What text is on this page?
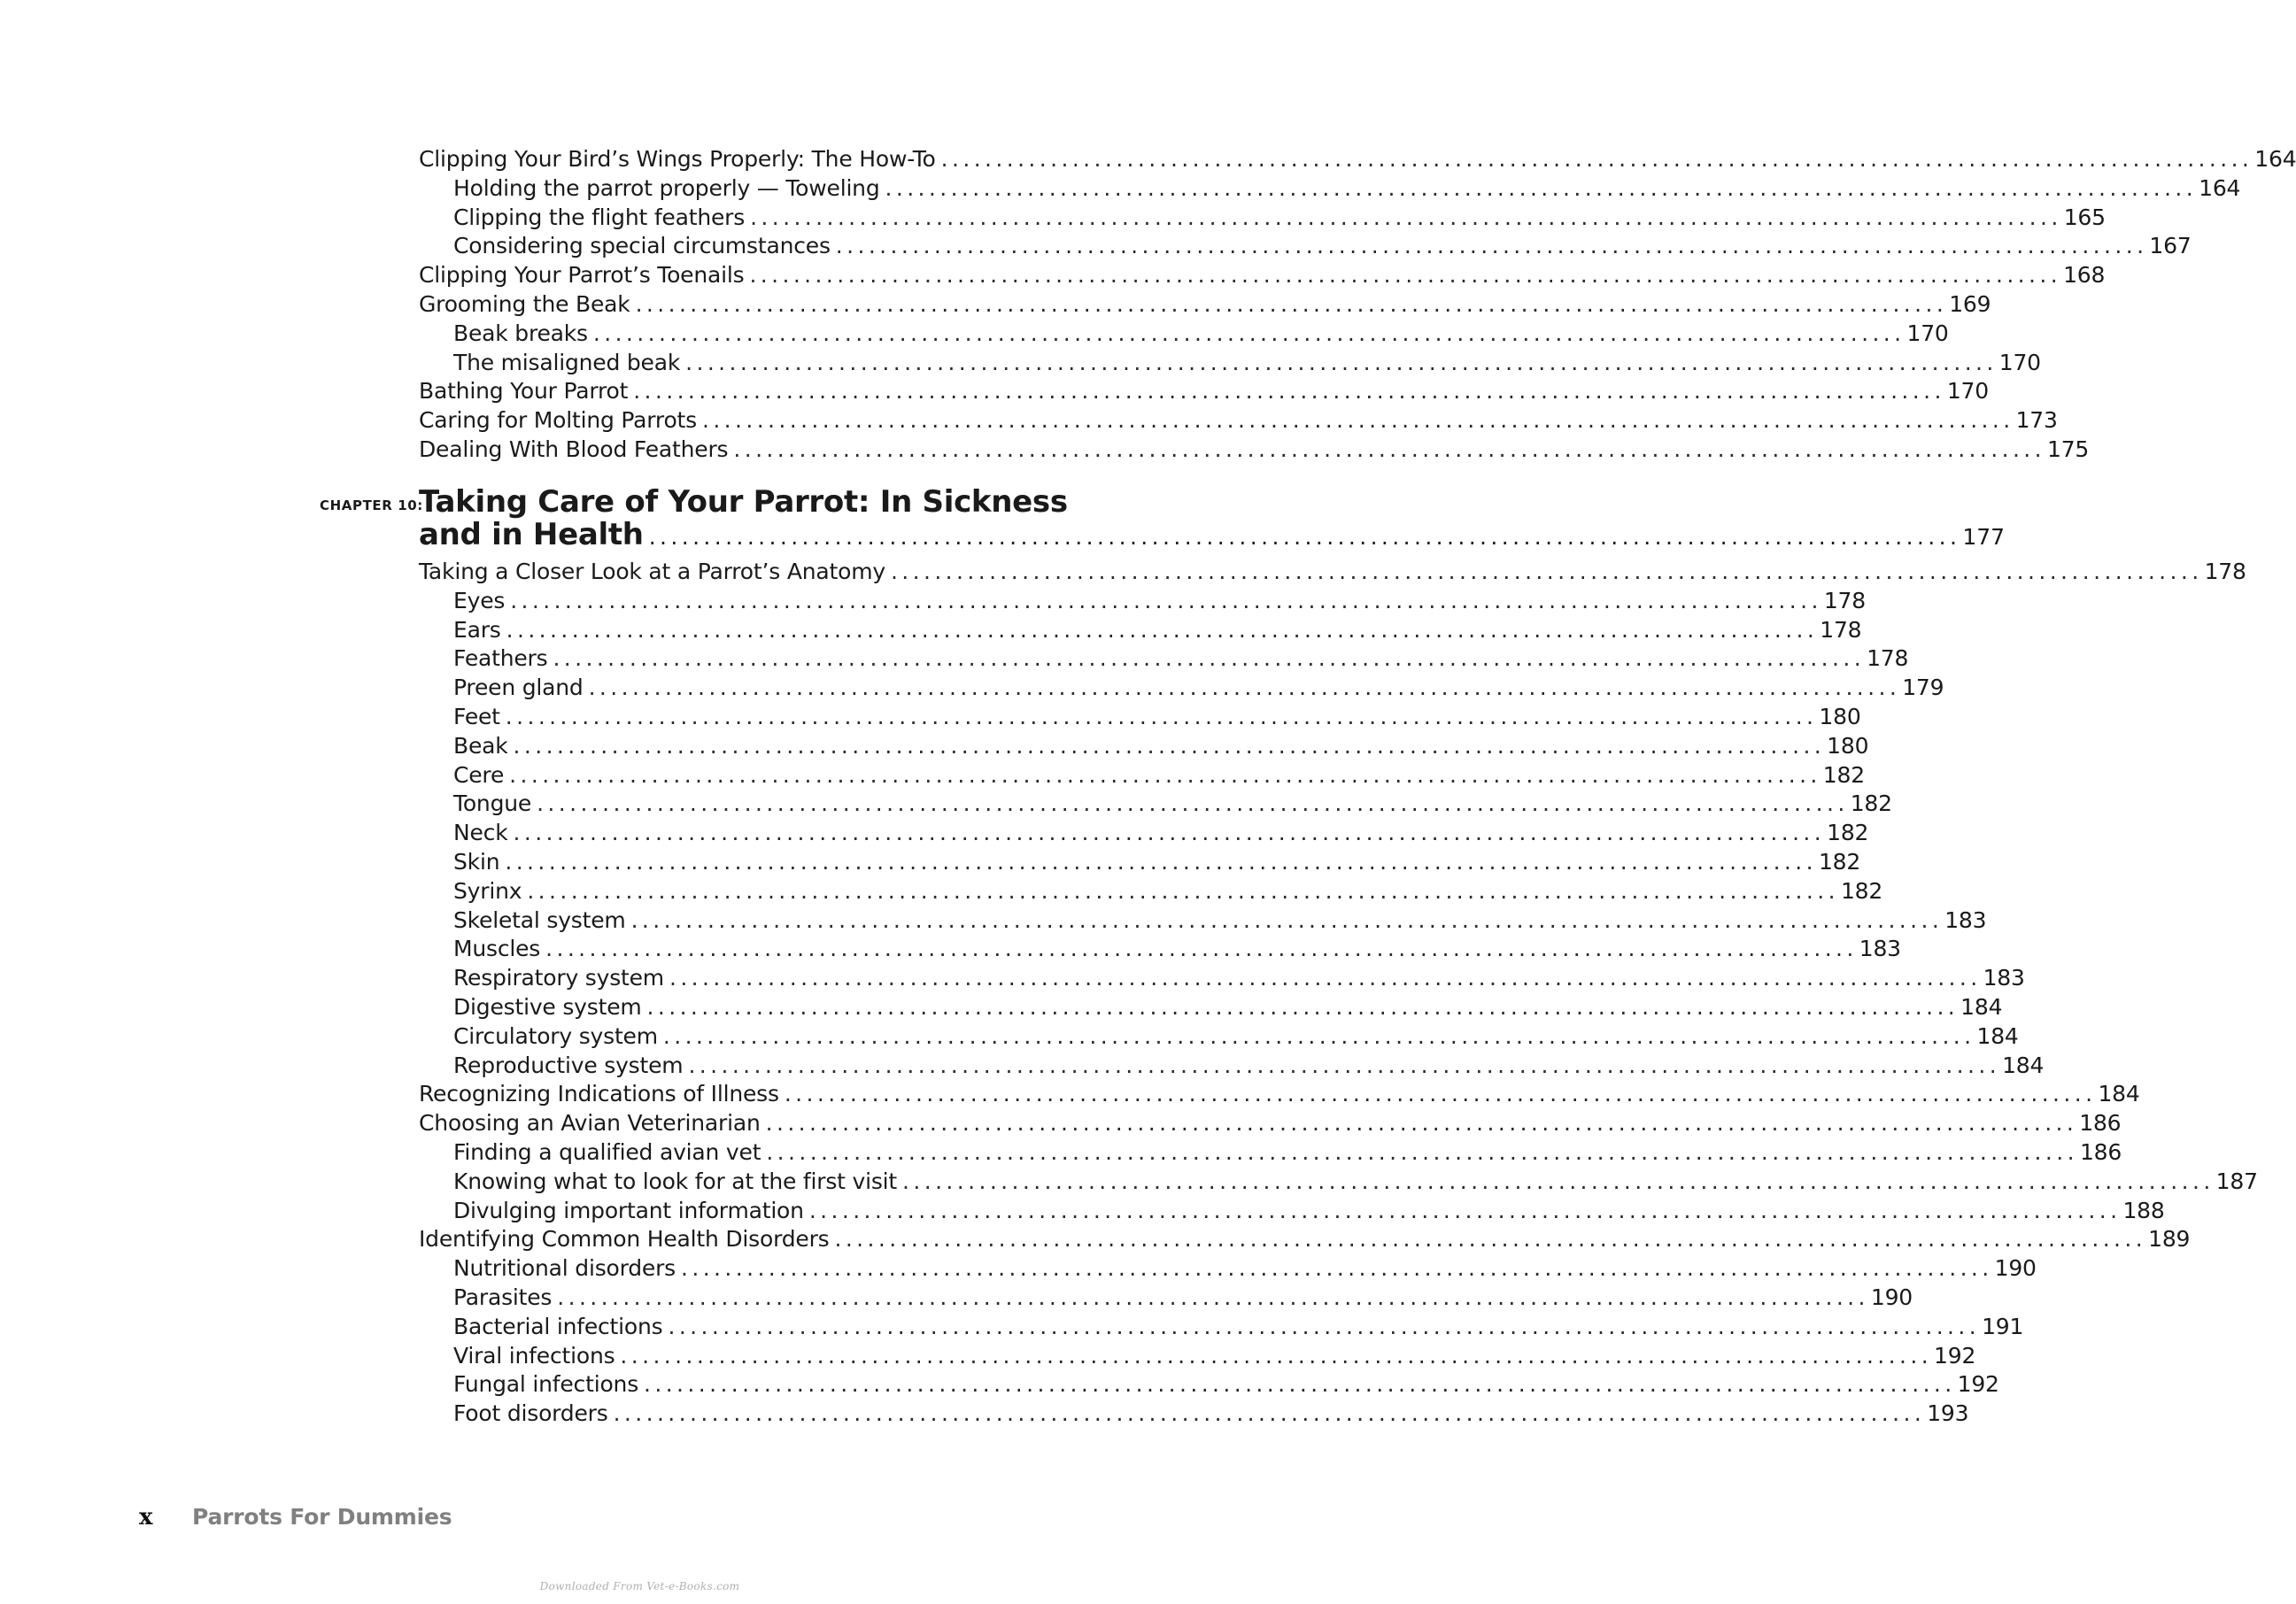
Clipping Your Bird’s Wings Properly: The How-To ........................................................................................................................ 164
Holding the parrot properly — Toweling ........................................................................................................................ 164
Clipping the flight feathers ........................................................................................................................ 165
Considering special circumstances ........................................................................................................................ 167
Clipping Your Parrot’s Toenails ........................................................................................................................ 168
Grooming the Beak ........................................................................................................................ 169
Beak breaks ........................................................................................................................ 170
The misaligned beak ........................................................................................................................ 170
Bathing Your Parrot ........................................................................................................................ 170
Caring for Molting Parrots ........................................................................................................................ 173
Dealing With Blood Feathers ........................................................................................................................ 175
CHAPTER 10:
Taking Care of Your Parrot: In Sickness
and in Health ........................................................................................................................ 177
Taking a Closer Look at a Parrot’s Anatomy ........................................................................................................................ 178
Eyes ........................................................................................................................ 178
Ears ........................................................................................................................ 178
Feathers ........................................................................................................................ 178
Preen gland ........................................................................................................................ 179
Feet ........................................................................................................................ 180
Beak ........................................................................................................................ 180
Cere ........................................................................................................................ 182
Tongue ........................................................................................................................ 182
Neck ........................................................................................................................ 182
Skin ........................................................................................................................ 182
Syrinx ........................................................................................................................ 182
Skeletal system ........................................................................................................................ 183
Muscles ........................................................................................................................ 183
Respiratory system ........................................................................................................................ 183
Digestive system ........................................................................................................................ 184
Circulatory system ........................................................................................................................ 184
Reproductive system ........................................................................................................................ 184
Recognizing Indications of Illness ........................................................................................................................ 184
Choosing an Avian Veterinarian ........................................................................................................................ 186
Finding a qualified avian vet ........................................................................................................................ 186
Knowing what to look for at the first visit ........................................................................................................................ 187
Divulging important information ........................................................................................................................ 188
Identifying Common Health Disorders ........................................................................................................................ 189
Nutritional disorders ........................................................................................................................ 190
Parasites ........................................................................................................................ 190
Bacterial infections ........................................................................................................................ 191
Viral infections ........................................................................................................................ 192
Fungal infections ........................................................................................................................ 192
Foot disorders ........................................................................................................................ 193
x Parrots For Dummies
Downloaded From Vet-e-Books.com
